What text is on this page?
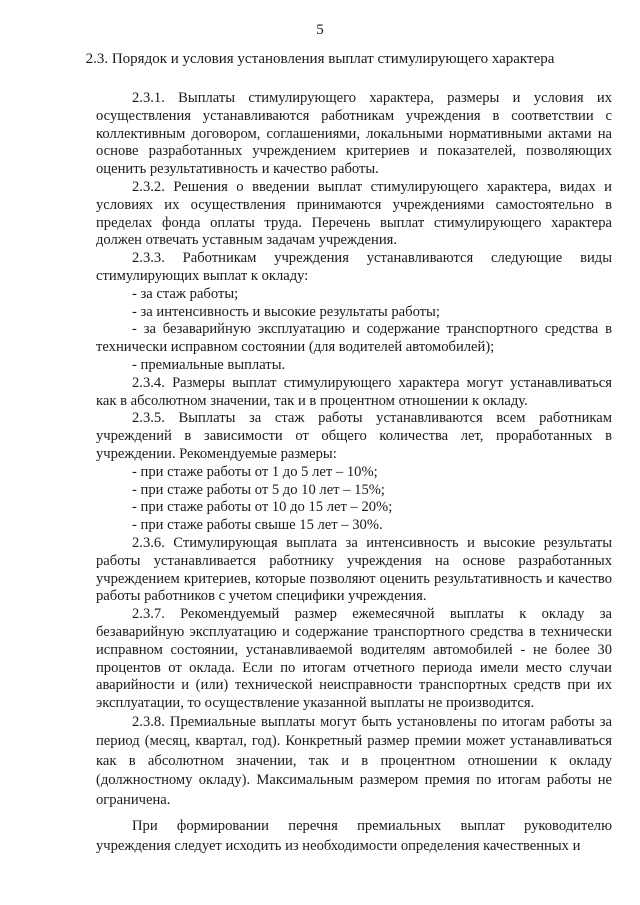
5
2.3. Порядок и условия установления выплат стимулирующего характера

2.3.1. Выплаты стимулирующего характера, размеры и условия их осуществления устанавливаются работникам учреждения в соответствии с коллективным договором, соглашениями, локальными нормативными актами на основе разработанных учреждением критериев и показателей, позволяющих оценить результативность и качество работы.

2.3.2. Решения о введении выплат стимулирующего характера, видах и условиях их осуществления принимаются учреждениями самостоятельно в пределах фонда оплаты труда. Перечень выплат стимулирующего характера должен отвечать уставным задачам учреждения.

2.3.3. Работникам учреждения устанавливаются следующие виды стимулирующих выплат к окладу:

- за стаж работы;

- за интенсивность и высокие результаты работы;

- за безаварийную эксплуатацию и содержание транспортного средства в технически исправном состоянии (для водителей автомобилей);

- премиальные выплаты.

2.3.4. Размеры выплат стимулирующего характера могут устанавливаться как в абсолютном значении, так и в процентном отношении к окладу.

2.3.5. Выплаты за стаж работы устанавливаются всем работникам учреждений в зависимости от общего количества лет, проработанных в учреждении. Рекомендуемые размеры:

- при стаже работы от 1 до 5 лет – 10%;

- при стаже работы от 5 до 10 лет – 15%;

- при стаже работы от 10 до 15 лет – 20%;

- при стаже работы свыше 15 лет – 30%.

2.3.6. Стимулирующая выплата за интенсивность и высокие результаты работы устанавливается работнику учреждения на основе разработанных учреждением критериев, которые позволяют оценить результативность и качество работы работников с учетом специфики учреждения.

2.3.7. Рекомендуемый размер ежемесячной выплаты к окладу за безаварийную эксплуатацию и содержание транспортного средства в технически исправном состоянии, устанавливаемой водителям автомобилей - не более 30 процентов от оклада. Если по итогам отчетного периода имели место случаи аварийности и (или) технической неисправности транспортных средств при их эксплуатации, то осуществление указанной выплаты не производится.

2.3.8. Премиальные выплаты могут быть установлены по итогам работы за период (месяц, квартал, год). Конкретный размер премии может устанавливаться как в абсолютном значении, так и в процентном отношении к окладу (должностному окладу). Максимальным размером премия по итогам работы не ограничена.

При формировании перечня премиальных выплат руководителю учреждения следует исходить из необходимости определения качественных и
